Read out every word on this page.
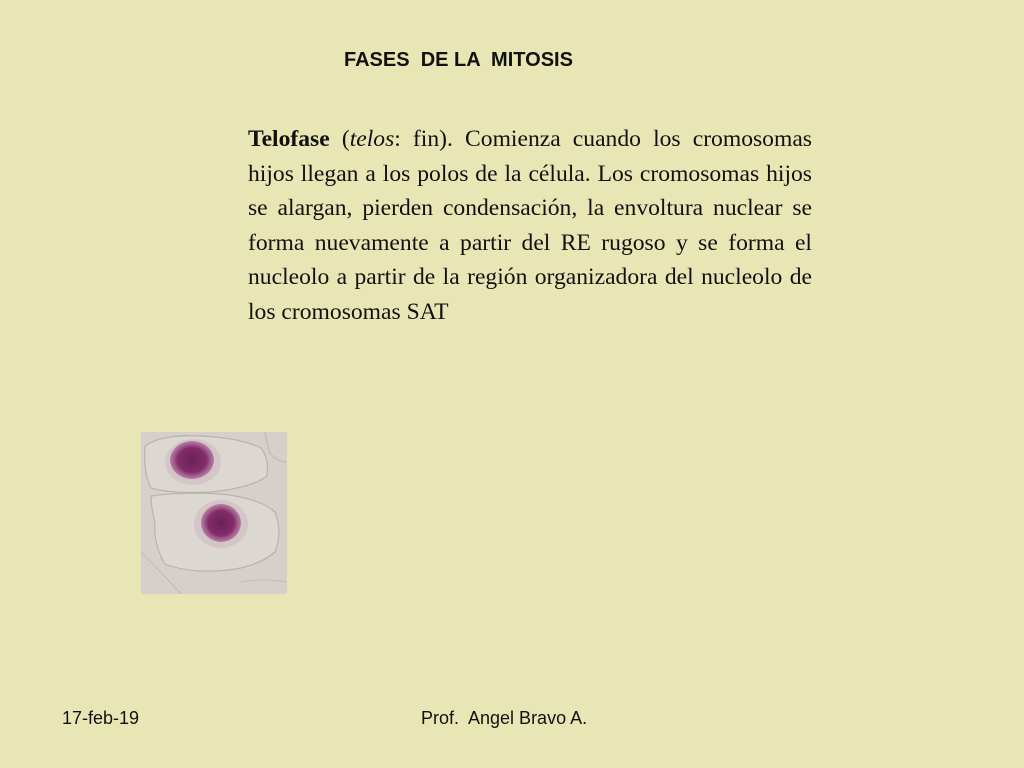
FASES  DE LA  MITOSIS

Telofase (telos: fin). Comienza cuando los cromosomas hijos llegan a los polos de la célula. Los cromosomas hijos se alargan, pierden condensación, la envoltura nuclear se forma nuevamente a partir del RE rugoso y se forma el nucleolo a partir de la región organizadora del nucleolo de los cromosomas SAT

17-feb-19	Prof.  Angel Bravo A.
